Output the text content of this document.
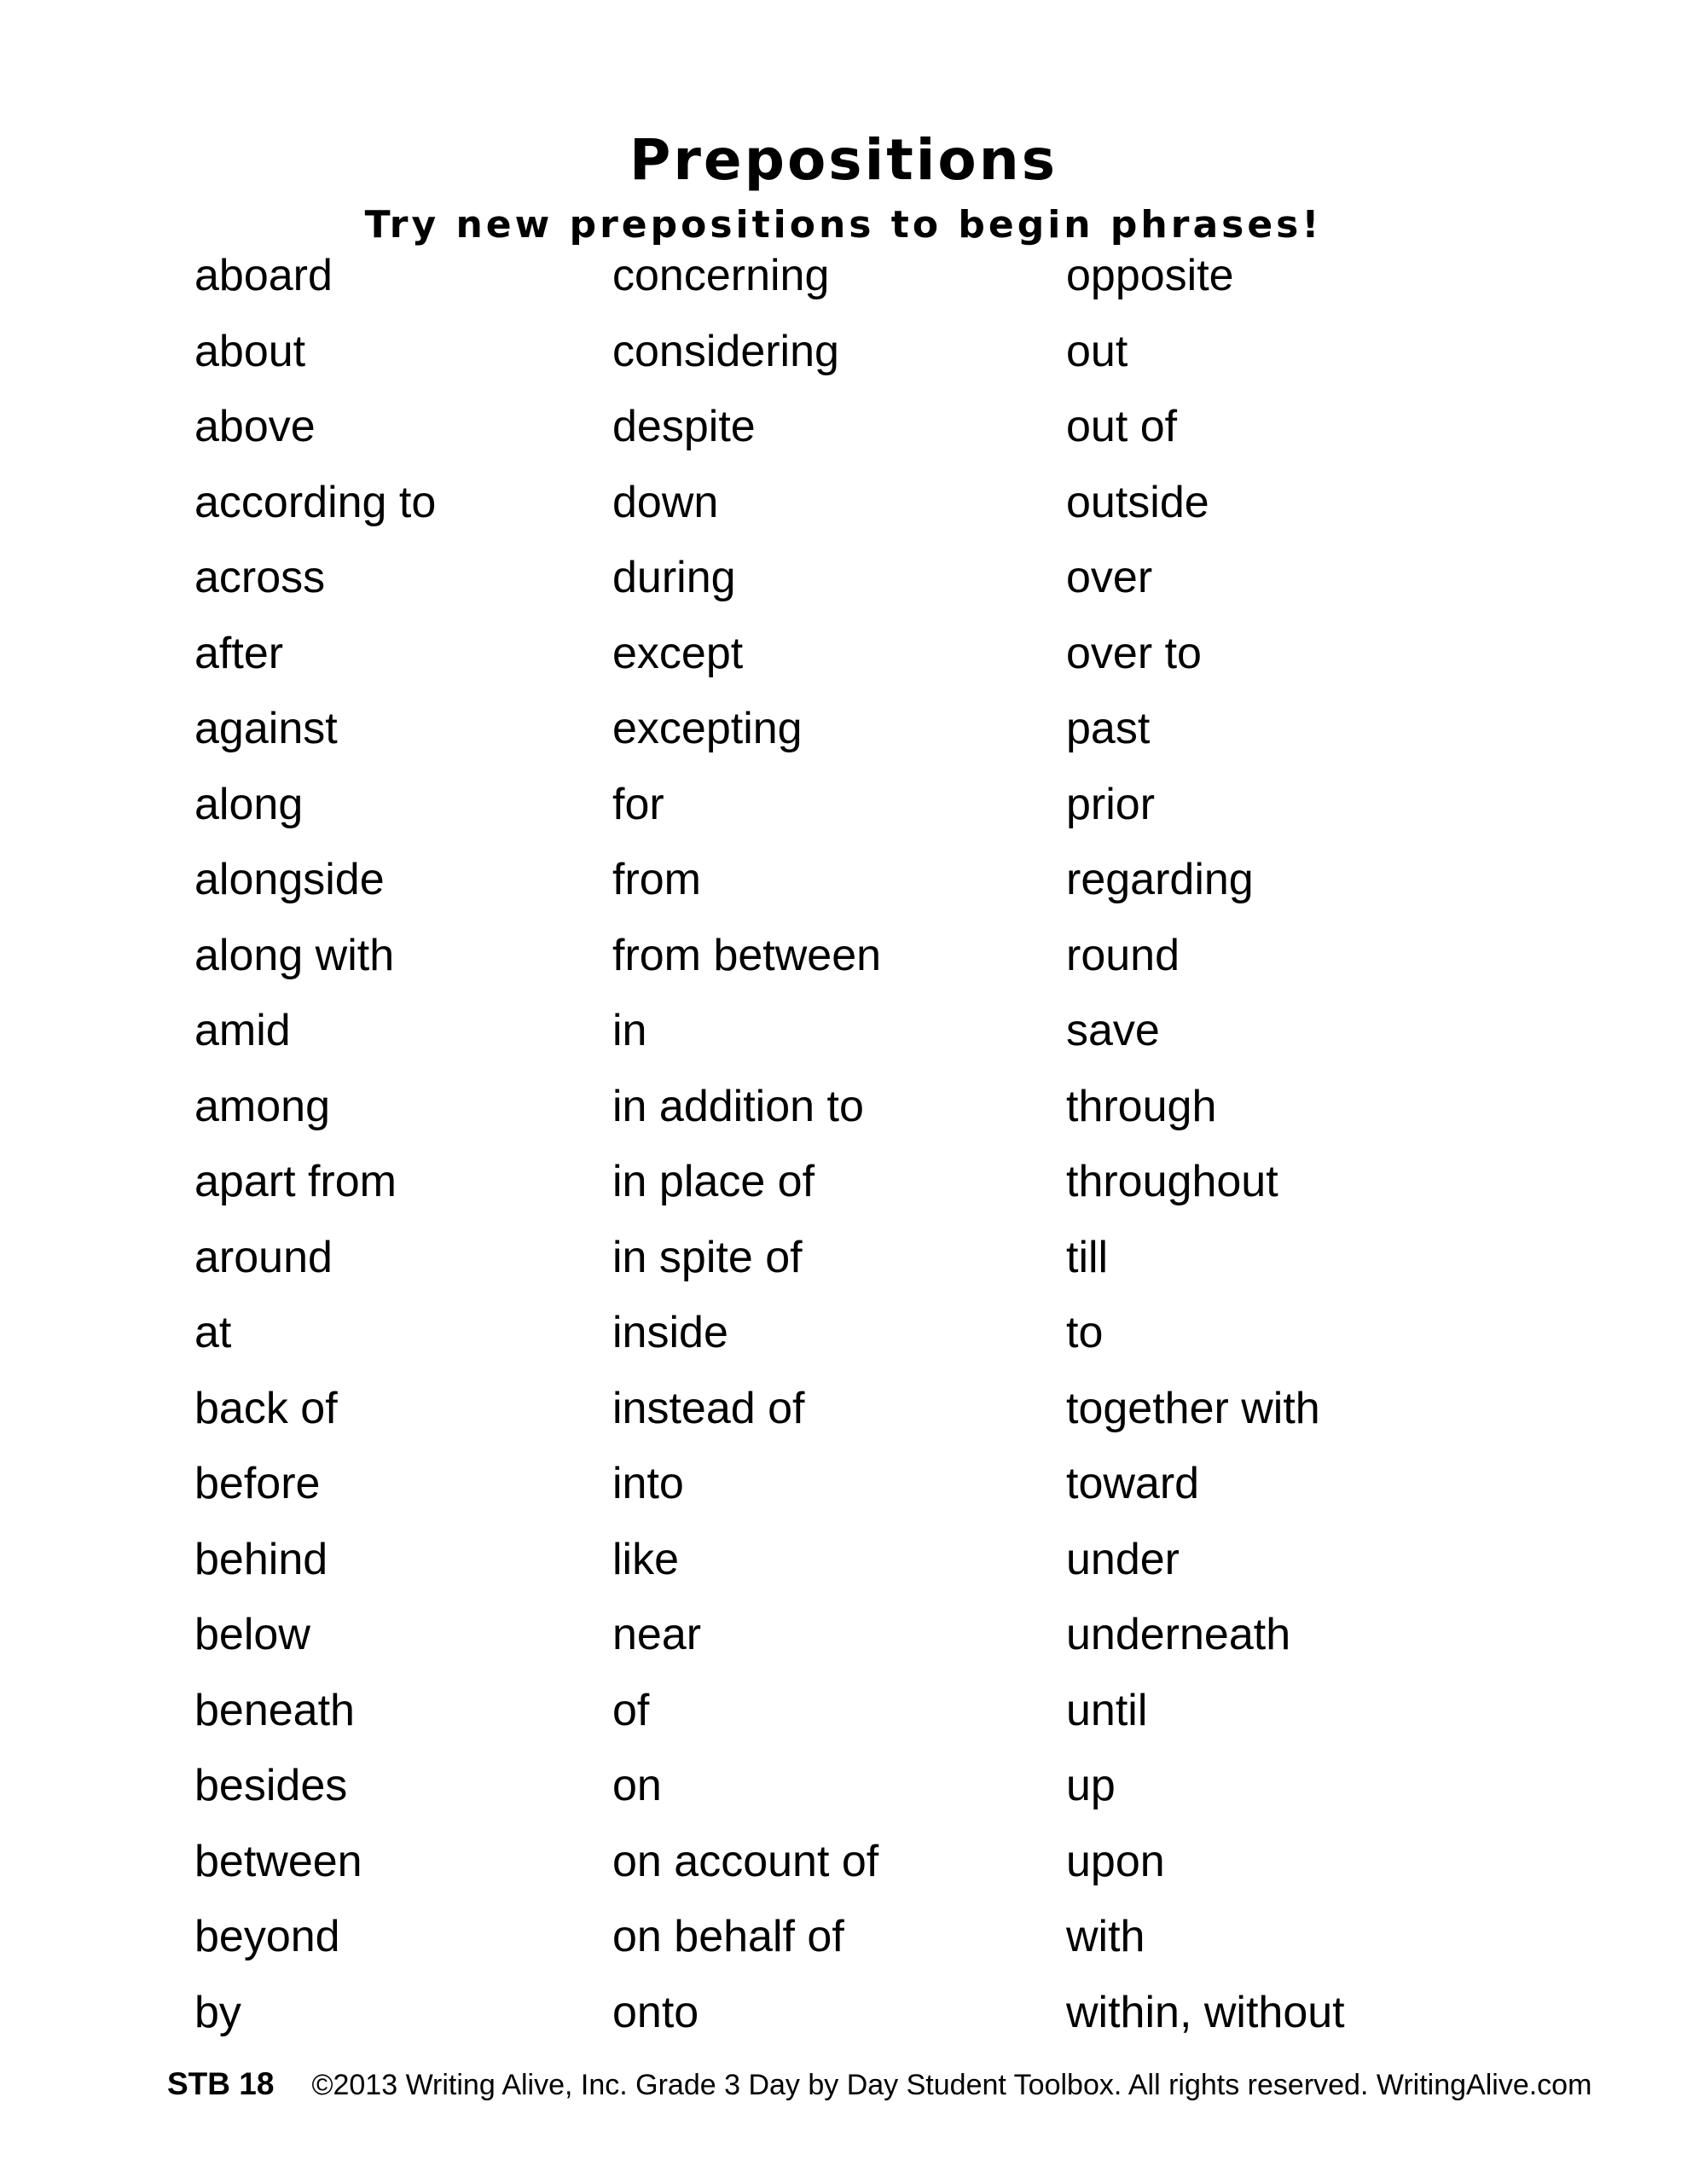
Prepositions
Try new prepositions to begin phrases!
aboard
about
above
according to
across
after
against
along
alongside
along with
amid
among
apart from
around
at
back of
before
behind
below
beneath
besides
between
beyond
by
concerning
considering
despite
down
during
except
excepting
for
from
from between
in
in addition to
in place of
in spite of
inside
instead of
into
like
near
of
on
on account of
on behalf of
onto
opposite
out
out of
outside
over
over to
past
prior
regarding
round
save
through
throughout
till
to
together with
toward
under
underneath
until
up
upon
with
within, without
STB 18 ©2013 Writing Alive, Inc. Grade 3 Day by Day Student Toolbox. All rights reserved. WritingAlive.com
